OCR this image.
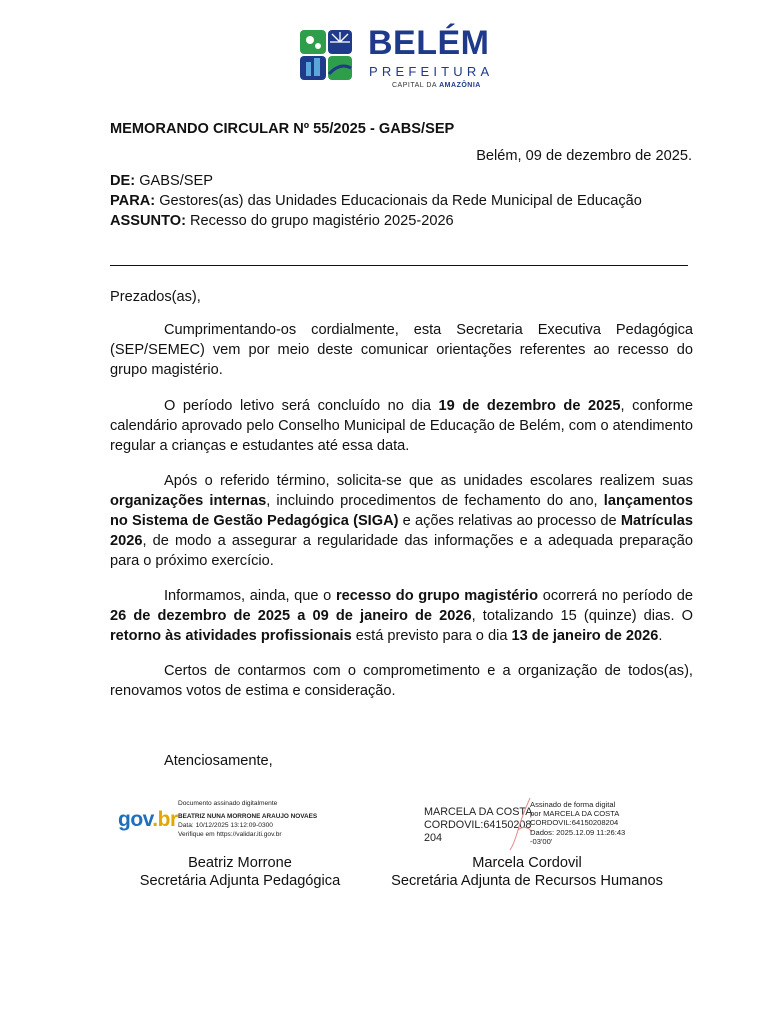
BELÉM
PREFEITURA
CAPITAL DA AMAZÔNIA
MEMORANDO CIRCULAR Nº 55/2025 - GABS/SEP
Belém, 09 de dezembro de 2025.
DE: GABS/SEP
PARA: Gestores(as) das Unidades Educacionais da Rede Municipal de Educação
ASSUNTO: Recesso do grupo magistério 2025-2026
Prezados(as),

Cumprimentando-os cordialmente, esta Secretaria Executiva Pedagógica (SEP/SEMEC) vem por meio deste comunicar orientações referentes ao recesso do grupo magistério.

O período letivo será concluído no dia 19 de dezembro de 2025, conforme calendário aprovado pelo Conselho Municipal de Educação de Belém, com o atendimento regular a crianças e estudantes até essa data.

Após o referido término, solicita-se que as unidades escolares realizem suas organizações internas, incluindo procedimentos de fechamento do ano, lançamentos no Sistema de Gestão Pedagógica (SIGA) e ações relativas ao processo de Matrículas 2026, de modo a assegurar a regularidade das informações e a adequada preparação para o próximo exercício.

Informamos, ainda, que o recesso do grupo magistério ocorrerá no período de 26 de dezembro de 2025 a 09 de janeiro de 2026, totalizando 15 (quinze) dias. O retorno às atividades profissionais está previsto para o dia 13 de janeiro de 2026.

Certos de contarmos com o comprometimento e a organização de todos(as), renovamos votos de estima e consideração.

Atenciosamente,
gov.br
Documento assinado digitalmente
BEATRIZ NUNA MORRONE ARAUJO NOVAES
Data: 10/12/2025 13:12:09-0300
Verifique em https://validar.iti.gov.br
MARCELA DA COSTA
CORDOVIL:64150208
204
Assinado de forma digital
por MARCELA DA COSTA
CORDOVIL:64150208204
Dados: 2025.12.09 11:26:43
-03'00'
Beatriz Morrone
Secretária Adjunta Pedagógica
Marcela Cordovil
Secretária Adjunta de Recursos Humanos
